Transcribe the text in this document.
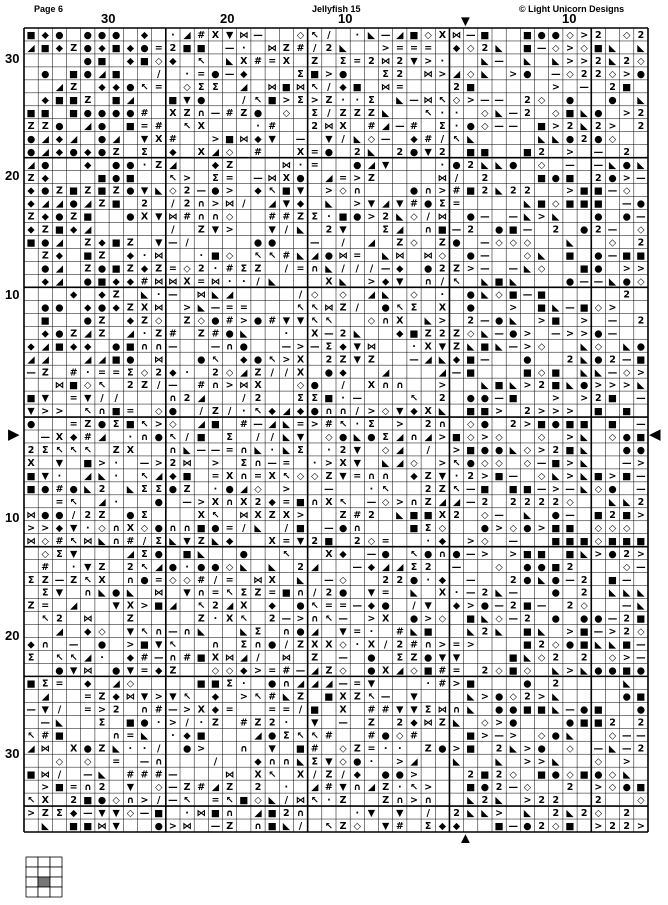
Page 6	Jellyfish 15	© Light Unicorn Designs
30	20	10	10
30
20
10
10
20
30
▼
▲
▶	◀
■ ◆ ● ● ● ● ◆ · ◢ # X ▼ ⋈ —	◇ ↖ /	· ◣ — ◢ ■ ◇ X ⋈ — ■	■ ● ● ◇ > 2 ◇ 2
◢ ■ ◆ Z ● ◆ ■ ◆ ● = 2 ■ ■ — · ⋈ Z # / 2 ◣	> = = = ◆ ◇ 2 ◣ ■ — ◇ > ◇ ■ ◣ ◣
● ■ ◆ ■ ◇ ◆ ↖ ◣ X # = X Z Σ = 2 ⋈ 2 ▼ > ·	◣ — ◣ ◣ > > 2 ◣ 2 ◇
● ■ ● ◢ ■	/	· = ● — ◆	Σ ■ > ●	Σ 2 ⋈ > ◢ ◇ ◣ > ● — ◇ 2 2 ◇ > ●
◢ Z ◆ ◆ ● ↖ = ◇ Σ Σ ◢ ⋈ ■ ⋈ ↖ / ◆ ■ ⋈ =	2 ■	> — 2 ■
◆ ■ ■ Z ■ ◢	■ ▼ ●	/ ↖ ■ > Σ > Z · · Σ ◣ — ⋈ ↖ ◇ > — — 2 ◇ ●	● ◣
■ ■ ■ ● ● ● ● # X Z ∩ — # Z ● ◇ Σ / Z Z Z ◣	↖ · · ◇ ◣ — 2 ◇ ■ ◣ ● > 2
Z Z ● ◢ ● ■ = # ↖ X	· #	2 ⋈ X # ◢ — # Σ · ● ◇ — — ■ > 2 ◣ 2 > 2
● ◢ ◆ ◢ ● ◢ ▼ X #	> ■ ⋈ ◆ ▼ — ▼ / ◣ ◇ — ◆ # / ↖ ◣	◣ ◣ ● 2 ● ◇
● ◢ ◆ ● ◆ ● Z Σ ◆ X ◢ ◇ #	X = ● 2 ◣ 2 ● ▼ 2 ■ ■	■ 2 > — 2
◢ ●	◆ ● ● · Z ◢	◆ Z	⋈ · =	● ◢ ▼	· ● 2 ◣ ◣ ● ◇ — — ◣ ● ◣
Z ◆	■ ● ■	↖ > Σ = — ⋈ X ● ◢ = > Z	⋈ / 2	■ ● ■ 2 ● > —
◆ ● Z ■ Z ■ Z ● ▼ ◣ ◇ 2 — ● > ◆ ↖ ■ ▼ > ◇ ∩	● ∩ > # ■ 2 ◣ 2 2	> ■ ■ — ◇
◆ ◢ ◢ ● ◢ Z ■ 2 / 2 ∩ > ⋈ / ◢ ▼ ◆ ◣ > ▼ ◢ ▼ # ● Σ =	◣ ■ ◇ ■ ■ ■ — ●
Z ◆ ● Z ■	● X ▼ ⋈ # ∩ ∩ ◇	# # Z Σ · ■ ● > 2 ◣ ◇ / ⋈ ● — — ◣ > ◣	● ● —
◆ Z ■ ◆ ◢	/ Z ▼ >	▼ / ◣ 2 ▼	Σ ◢ ∩ ■ — 2 ● ■ — 2 ● 2 — ◇
■ ● ◢ Z ◆ ■ Z ▼ — /	● ●	— / ◢ Z ◇ Z ● — ◇ ◇ ◇	◣	◇ 2
Z ◆ ■ Z ◆ · ⋈	· ■ ◇ ↖ ↖ # ◣ ◢ ● ⋈ = ◣ ⋈ ⋈ ◇ ● —	◇ ◣ ■ ● — ■ ■
● ◢ Z ● ■ Z ◆ Z = ◇ 2 · # Σ Z / = ∩ ◣ / / / — ◆ ● 2 Z > — — ◣ ◇	■ ● > >
◆ ◢ ● ■ ◆ ◆ # ⋈ ⋈ X = ⋈ · · / ◣	X ◣ > ◆ ▼ ∩ / ↖ ◣ ■ ◣	● — — ◣ ● ◇
◆ ◆ Z ◣ · — ⋈ ◣ ◢	/ ◇ ◇ ◢ ◣ ◇ · ● ◣ ◇ ■ — ■	2
● ● ◆ ● ◆ Z X ⋈ > ◣ — = =	↖ ↖ ⋈ Z / ● ↖ Σ X ●	> ■ ◣ — ■ ◇ >
■	● Z ◆ Z ◇ Z ◇ ● # > ● # ▼ ▼ ↖ ↖	◇ ∩ X ◣ > 2 — ● ◣ > ■ > — 2
◆ ● Z ◢ Z ◢ · Z # Z # ● ◣	· X — 2 ◣	◆ ■ Z 2 Z ◇ ◣ — ● > — > > ● —
◆ ◢ ■ ◆ ◆ ● ■ ∩ ∩ —	— ∩ ●	— > — Σ ◆ ▼ ⋈	· X ▼ Z ◣ ■ ◣ — > ◇	◣ ◇ ◣ ●
◢ ◢	◢ ◢ ■ ● ⋈	● ↖ ◆ ● ↖ > X 2 Z ▼ Z	— ◢ ◣ ◆ ■ —	●	2 ◣ ● 2 — ■
— Z # · = = Σ ◇ 2 ◆ · 2 ◇ ◢ Z / / X ● ◆	◢	◢ — ■	■ ◇ ■ ◣ ◣ — ◇ >
⋈ ■ ◇ ↖ 2 Z / — # ∩ > ⋈ X	◇ ● / X ∩ ∩	>	◣ ■ ◣ > 2 ■ ◣ ● > > > ◣
■ ▼ = ▼ / /	∩ 2 ◢	/ 2	Σ Σ ■ · —	↖ 2 ● ● — ■	> > 2 ■ —
▼ > > ↖ ∩ ■ = ◇ ● / Z / · ↖ ◆ ◢ ◆ ● ∩ ∩ / > ◇ ▼ ◆ X ◣ ■ ■ > 2 > > > ■ ■
●	= Z ● Σ ■ ↖ > ◇ ◢ ■ # — ◢ ◣ = > # ↖ · Σ > 2 ∩ ◇ ● 2 > ■ ● ■ ■ ■ —
— X ◆ # ◢ · ∩ ● ↖ / ■ Σ / / ◣ ▼ ◇ ● ◣ ● Σ ◢ ∩ ◢ > ■ ◇ > ◇	◇ > ◣ ◇ ● ■
2 Σ ↖ ↖ ↖ Z X	∩ ◣ — — = ∩ ◣ · ◣ Σ · 2 ▼ ◇ ◢ / > ■ ● ● ◣ ◇ > 2 ■ ◣	● ●
X ▼ ■ > · — > 2 ⋈ > Σ ∩ — = · > X ▼ ◣ ◢ ◇ > ↖ ● ◇ ◇ ◇ — ■ > ◣	— >
■ ▼ · ◢ ◣ · ↖ ◢ ◆ ■ = X ∩ = X ↖ ◇ ◇ Z ▼ = ∩ ∩ ◆ Z ▼ · 2 > ■ — ◇ ◣ > ◣ ■ > ■ —
■ ● # ● ◣ 2 ◣ Σ Σ ● Z · ● ◢ ◇ >	—	· ↖	2 Z ↖ — ■ ■ ■ — > — ◣ ◇ ● —
= ↖ ◢ ·	● — > X ∩ X 2 ◆ = ■ ∩ X ↖ — ◇ > ∩ Z ◢ ◢ — 2 2 2 2 2 ◇	◣ ◣ 2
⋈ ● ● / 2 Z ● Σ	X ↖ ⋈ X Z X >	Z # 2 ◣ ■ ■ X 2 ◇ — ◣ ● — ■ 2 ■ >
> > ◆ ▼ · ◇ ∩ X ◇ ● ∩ ∩ ■ ● = / ◣ / ■ — ● ∩	■ Σ ◇	● > ◇ ● > ■ ■ ◇ ◇ ◇
⋈ ◇ # ↖ ⋈ ◣ ∩ # / Σ ◣ ▼ Z ◣ ◆	X = ▼ 2 ■ 2 ◇ =	· ◆ > ◇ —	■ ■ ■ ◇ ■ ■ ■
◇ Σ ▼	◢ Σ ● ■ ◣	●	↖	X ◆ — ● ↖ ● ∩ ● — > > ■ ■ ■ ◣ > ● 2 >
# · ▼ Z 2 ↖ ◢ ● · ● ● ◇ ◣ ◣ 2 ◢	— ◆ ◢ ◢ Σ 2 —	◇ ● ● ■ 2	◇ —
Σ Z — Z ↖ X ∩ ● = ◇ ◇ # / = ⋈ X ◣ — ◇	2 2 ● · ◆ —	2 ● ◣ ● — 2 ■ —
Σ ▼ ∩ ◣ ● ◣ ⋈ ▼ ∩ = ↖ Σ Z = ■ ∩ / 2 ● ▼ = ◣ X · — 2 ◣ —	● 2 ◣ ◣ ◣
Z = ◢	▼ X > ■ ◢ ↖ 2 ◢ X ◆ ● ↖ = = — ◆ ● / ▼ ◆ > ● — 2 ■ — 2 ◇	— ◣
↖ 2 ⋈	Z	Z · X ↖ 2 — > ∩ ↖ — > X ● > ◇ ■ ◣ ◇ — 2 ● ● ● — 2 ■
◢ ◆ ◇ ▼ ↖ ∩ — ∩ ◣	◣ Σ ∩ ● ◢ ▼ = · # ◣ ■	◣ 2 ◣ ■ ◣ > ■ — > 2 ◇
◆ ∩ — ● > ■ ▼ ↖	∩ Σ ∩ ● / Z X X ◇ · X / 2 # ∩ > = >	■ 2 ◇ ● ■ ◣ ◣ ■ —
Σ ↖ ↖ ◢ · ◆ # — ∩ # ■ X ⋈ ◢ / ⋈ Z — ● Σ Z ● ▼ ▼	■ ◣ ◇ 2 2 ◇ > —
● ▼ ⋈ ● ▼ = ◆ Z	◇ ◇ ◆ > = # — ◢ Z ◇ ● X ◢ ◇ ■ # = 2 ◇ ■ ◇ ◣ > ◣ ● ● ■ ●
■ Σ = ◆ ◢ ◇	■ ■ Σ · ● ∩ ◢ ◢ ◢ — = ▼	· # > ■	● 2	◣
◢	= Z ◆ ⋈ ▼ > ▼ ↖ ◆ > ↖ # ◣ Z ■ X Z ↖ — ▼	◣ > ● ◇ 2 > ◣	● ■
— ▼ / = > 2 ∩ # — > X ◆ =	= = / ■ X # # ▼ ▼ Σ ⋈ ∩ ◣ ● ● ■ ■ ◣ — ● ■	●
— ◣	Σ ■ ● · > / · Z # Z 2 · ▼ — Z 2 ◆ ⋈ Z ◣ ◇ > ●	● ■ ■ 2 2
↖ # ■	∩ = ◣ · ◆ ■	◢ ● Σ ↖ ↖ #	# ● ◇ #	■ > — > ◇ ● ◣	◇ — —
◢ ⋈ X ● Z ◣ · · / ● >	∩ ▼ ■ # ◇ Z = · · Z ● > ■ 2 ◣ > ● ◇ — ◣ — 2
◇ ◇ = — ∩	/	◆ ∩ ∩ ◣ Σ ▼ ◇ ● · > ◢	◣	◣ > > ◣	◇ >
■ ⋈ / — ◣ # # # —	⋈ X ↖ X / Z / ◆ ● ● >	2 ■ 2 ◇ ■ ● ◇ ■ ● ◇ ◣
> ■ = ∩ 2 ▼ ◇ — Z # ◢ Z 2 · ◢ # ▼ ∩ ◢ Z · ↖ >	■ ● 2 — ◇	2 > ◇ ● ■
↖ X 2 ■ ● ◇ ∩ > / — ↖ = ↖ ■ ◇ ◣ / ⋈ ↖ · Z	Z ∩ > ∩	◣ 2 ◣ > 2 2	2	◇
> Z Σ ◆ — ▼ ▼ ◇ — ■ · ⋈ ■ ∩ ◢ ■ 2 ∩	· ▼ ▼ / 2 ◣ ◣ > ◣ 2 ◣ 2 ◇ 2
◣ ■ ■ ⋈ ▼	● > ⋈ — Z ∩ ■ ◣ / ↖ Z ◇ ▼ # Σ ◆ ◆	■ — ● 2 ◇ ■ > 2 2 >
